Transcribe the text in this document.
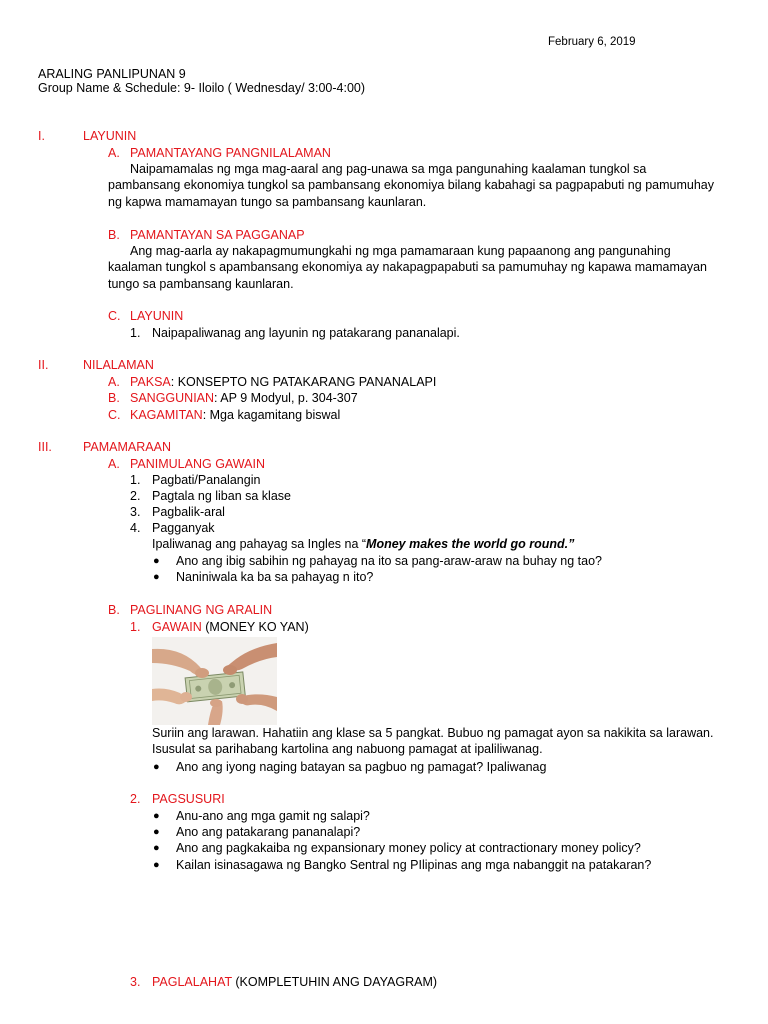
February 6, 2019
ARALING PANLIPUNAN 9
Group Name & Schedule: 9- Iloilo ( Wednesday/ 3:00-4:00)
I.	LAYUNIN
A. PAMANTAYANG PANGNILALAMAN
Naipamamalas ng mga mag-aaral ang pag-unawa sa mga pangunahing kaalaman tungkol sa
pambansang ekonomiya tungkol sa pambansang ekonomiya bilang kabahagi sa pagpapabuti ng pamumuhay
ng kapwa mamamayan tungo sa pambansang kaunlaran.
B. PAMANTAYAN SA PAGGANAP
Ang mag-aarla ay nakapagmumungkahi ng mga pamamaraan kung papaanong ang pangunahing
kaalaman tungkol s apambansang ekonomiya ay nakapagpapabuti sa pamumuhay ng kapawa mamamayan
tungo sa pambansang kaunlaran.
C. LAYUNIN
1. Naipapaliwanag ang layunin ng patakarang pananalapi.
II.	NILALAMAN
A. PAKSA: KONSEPTO NG PATAKARANG PANANALAPI
B. SANGGUNIAN: AP 9 Modyul, p. 304-307
C. KAGAMITAN: Mga kagamitang biswal
III. PAMAMARAAN
A. PANIMULANG GAWAIN
1. Pagbati/Panalangin
2. Pagtala ng liban sa klase
3. Pagbalik-aral
4. Pagganyak
Ipaliwanag ang pahayag sa Ingles na “Money makes the world go round.”
● Ano ang ibig sabihin ng pahayag na ito sa pang-araw-araw na buhay ng tao?
● Naniniwala ka ba sa pahayag n ito?
B. PAGLINANG NG ARALIN
1. GAWAIN (MONEY KO YAN)
Suriin ang larawan. Hahatiin ang klase sa 5 pangkat. Bubuo ng pamagat ayon sa nakikita sa larawan.
Isusulat sa parihabang kartolina ang nabuong pamagat at ipaliliwanag.
● Ano ang iyong naging batayan sa pagbuo ng pamagat? Ipaliwanag
2. PAGSUSURI
● Anu-ano ang mga gamit ng salapi?
● Ano ang patakarang pananalapi?
● Ano ang pagkakaiba ng expansionary money policy at contractionary money policy?
● Kailan isinasagawa ng Bangko Sentral ng PIlipinas ang mga nabanggit na patakaran?
3. PAGLALAHAT (KOMPLETUHIN ANG DAYAGRAM)
